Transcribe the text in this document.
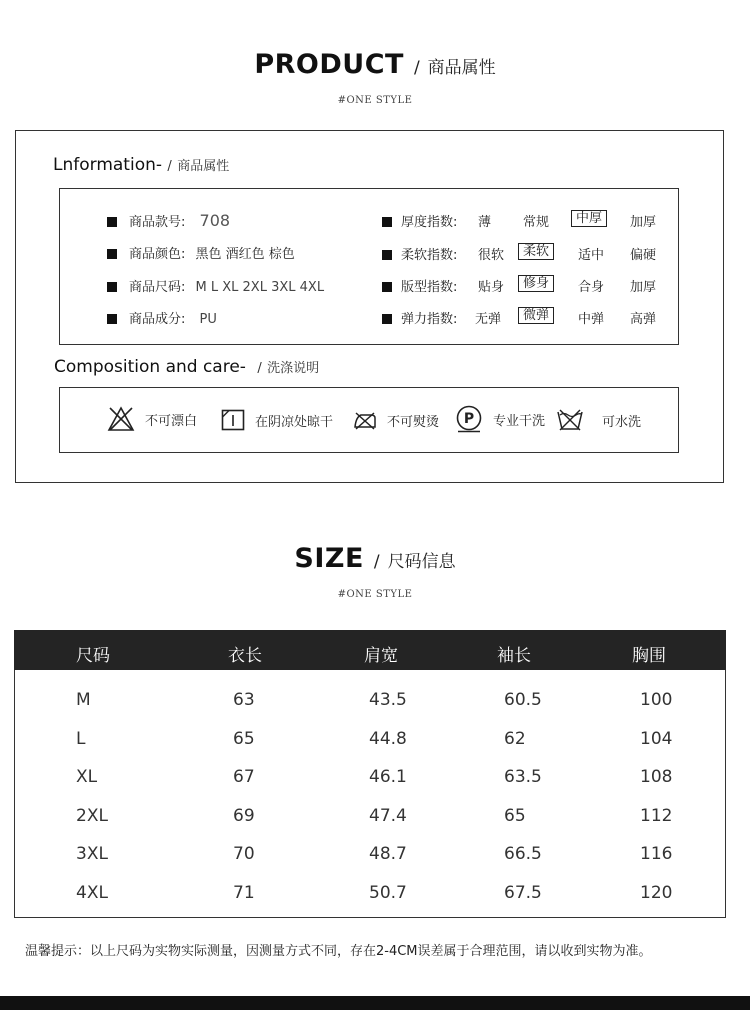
PRODUCT / 商品属性
#ONE STYLE
Lnformation- / 商品属性
商品款号: 708
商品颜色: 黑色 酒红色 棕色
商品尺码: M L XL 2XL 3XL 4XL
商品成分: PU
厚度指数: 薄 常规	中厚	加厚
柔软指数: 很软	柔软	适中 偏硬
版型指数: 贴身	修身	合身 加厚
弹力指数: 无弹	微弹	中弹 高弹
Composition and care- / 洗涤说明
不可漂白	在阴凉处晾干	不可熨烫 P 专业干洗	可水洗
SIZE / 尺码信息
#ONE STYLE
尺码	衣长	肩宽	袖长	胸围
M	63	43.5	60.5	100
L	65	44.8	62	104
XL	67	46.1	63.5	108
2XL	69	47.4	65	112
3XL	70	48.7	66.5	116
4XL	71	50.7	67.5	120
温馨提示：以上尺码为实物实际测量，因测量方式不同，存在2-4CM误差属于合理范围，请以收到实物为准。
